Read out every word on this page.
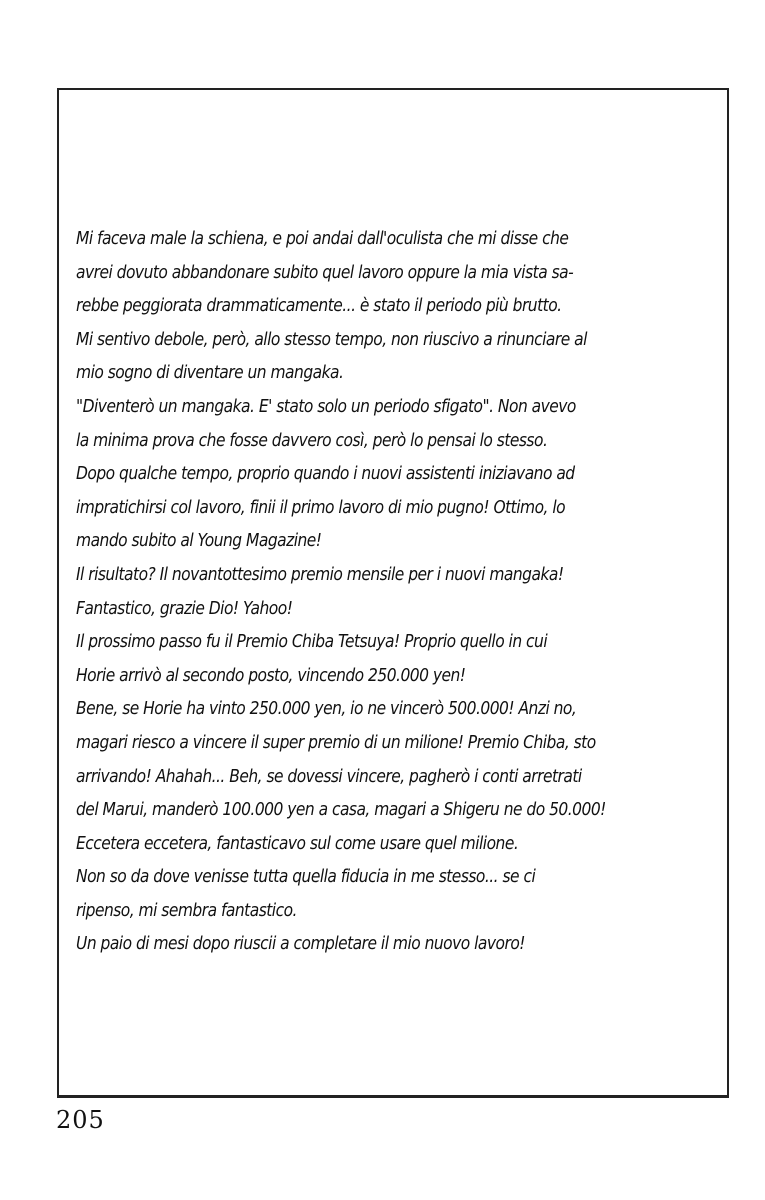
Mi faceva male la schiena, e poi andai dall'oculista che mi disse che
avrei dovuto abbandonare subito quel lavoro oppure la mia vista sa-
rebbe peggiorata drammaticamente... è stato il periodo più brutto.
Mi sentivo debole, però, allo stesso tempo, non riuscivo a rinunciare al
mio sogno di diventare un mangaka.
"Diventerò un mangaka. E' stato solo un periodo sfigato". Non avevo
la minima prova che fosse davvero così, però lo pensai lo stesso.
Dopo qualche tempo, proprio quando i nuovi assistenti iniziavano ad
impratichirsi col lavoro, finii il primo lavoro di mio pugno! Ottimo, lo
mando subito al Young Magazine!
Il risultato? Il novantottesimo premio mensile per i nuovi mangaka!
Fantastico, grazie Dio! Yahoo!
Il prossimo passo fu il Premio Chiba Tetsuya! Proprio quello in cui
Horie arrivò al secondo posto, vincendo 250.000 yen!
Bene, se Horie ha vinto 250.000 yen, io ne vincerò 500.000! Anzi no,
magari riesco a vincere il super premio di un milione! Premio Chiba, sto
arrivando! Ahahah... Beh, se dovessi vincere, pagherò i conti arretrati
del Marui, manderò 100.000 yen a casa, magari a Shigeru ne do 50.000!
Eccetera eccetera, fantasticavo sul come usare quel milione.
Non so da dove venisse tutta quella fiducia in me stesso... se ci
ripenso, mi sembra fantastico.
Un paio di mesi dopo riuscii a completare il mio nuovo lavoro!
205
